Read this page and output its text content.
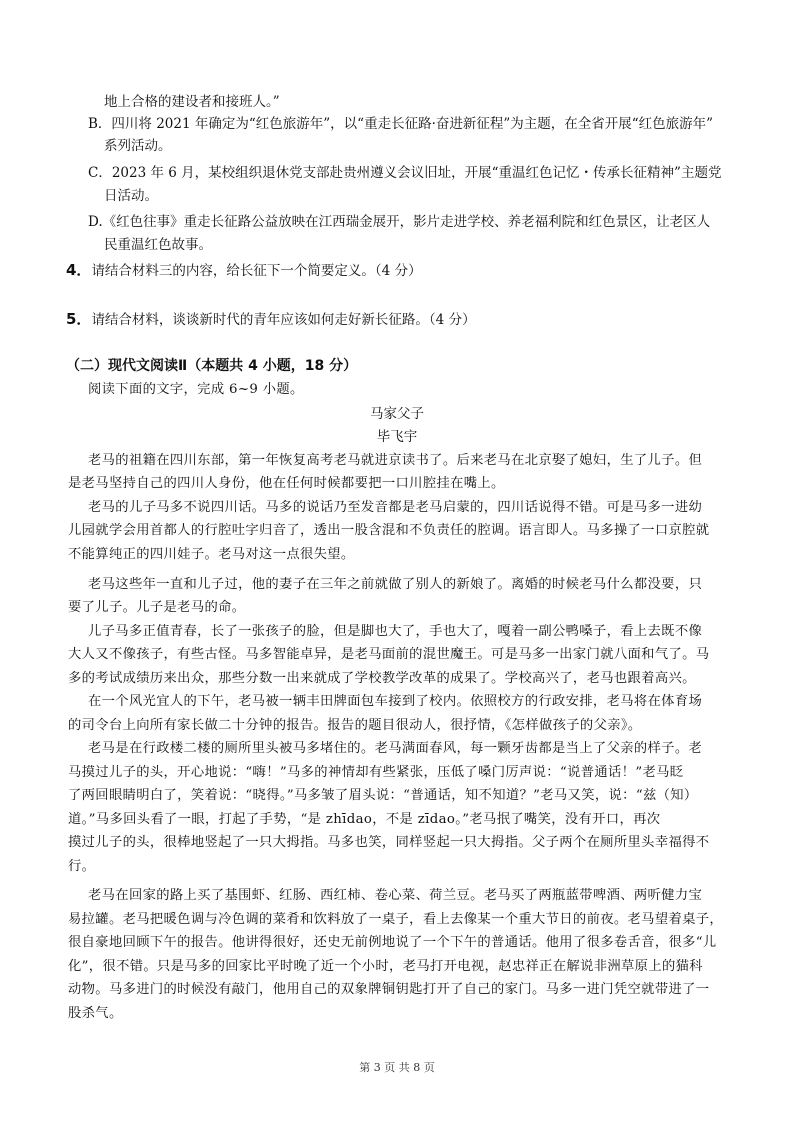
地上合格的建设者和接班人。”
B．四川将 2021 年确定为“红色旅游年”，以“重走长征路·奋进新征程”为主题，在全省开展“红色旅游年”
系列活动。
C．2023 年 6 月，某校组织退休党支部赴贵州遵义会议旧址，开展“重温红色记忆・传承长征精神”主题党
日活动。
D.《红色往事》重走长征路公益放映在江西瑞金展开，影片走进学校、养老福利院和红色景区，让老区人
民重温红色故事。
4．请结合材料三的内容，给长征下一个简要定义。（4 分）
5．请结合材料，谈谈新时代的青年应该如何走好新长征路。（4 分）
（二）现代文阅读Ⅱ（本题共 4 小题，18 分）
阅读下面的文字，完成 6~9 小题。
马家父子
毕飞宇
老马的祖籍在四川东部，第一年恢复高考老马就进京读书了。后来老马在北京娶了媳妇，生了儿子。但
是老马坚持自己的四川人身份，他在任何时候都要把一口川腔挂在嘴上。
老马的儿子马多不说四川话。马多的说话乃至发音都是老马启蒙的，四川话说得不错。可是马多一进幼
儿园就学会用首都人的行腔吐字归音了，透出一股含混和不负责任的腔调。语言即人。马多操了一口京腔就
不能算纯正的四川娃子。老马对这一点很失望。
老马这些年一直和儿子过，他的妻子在三年之前就做了别人的新娘了。离婚的时候老马什么都没要，只
要了儿子。儿子是老马的命。
儿子马多正值青春，长了一张孩子的脸，但是脚也大了，手也大了，嘎着一副公鸭嗓子，看上去既不像
大人又不像孩子，有些古怪。马多智能卓异，是老马面前的混世魔王。可是马多一出家门就八面和气了。马
多的考试成绩历来出众，那些分数一出来就成了学校教学改革的成果了。学校高兴了，老马也跟着高兴。
在一个风光宜人的下午，老马被一辆丰田牌面包车接到了校内。依照校方的行政安排，老马将在体育场
的司令台上向所有家长做二十分钟的报告。报告的题目很动人，很抒情，《怎样做孩子的父亲》。
老马是在行政楼二楼的厕所里头被马多堵住的。老马满面春风，每一颗牙齿都是当上了父亲的样子。老
马摸过儿子的头，开心地说：“嗨！”马多的神情却有些紧张，压低了嗓门厉声说：“说普通话！”老马眨
了两回眼睛明白了，笑着说：“晓得。”马多皱了眉头说：“普通话，知不知道？”老马又笑，说：“兹（知）
道。”马多回头看了一眼，打起了手势，“是 zhīdao，不是 zīdao。”老马抿了嘴笑，没有开口，再次
摸过儿子的头，很棒地竖起了一只大拇指。马多也笑，同样竖起一只大拇指。父子两个在厕所里头幸福得不
行。
老马在回家的路上买了基围虾、红肠、西红柿、卷心菜、荷兰豆。老马买了两瓶蓝带啤酒、两听健力宝
易拉罐。老马把暖色调与冷色调的菜肴和饮料放了一桌子，看上去像某一个重大节日的前夜。老马望着桌子，
很自豪地回顾下午的报告。他讲得很好，还史无前例地说了一个下午的普通话。他用了很多卷舌音，很多“儿
化”，很不错。只是马多的回家比平时晚了近一个小时，老马打开电视，赵忠祥正在解说非洲草原上的猫科
动物。马多进门的时候没有敲门，他用自己的双象牌铜钥匙打开了自己的家门。马多一进门凭空就带进了一
股杀气。
第 3 页 共 8 页
